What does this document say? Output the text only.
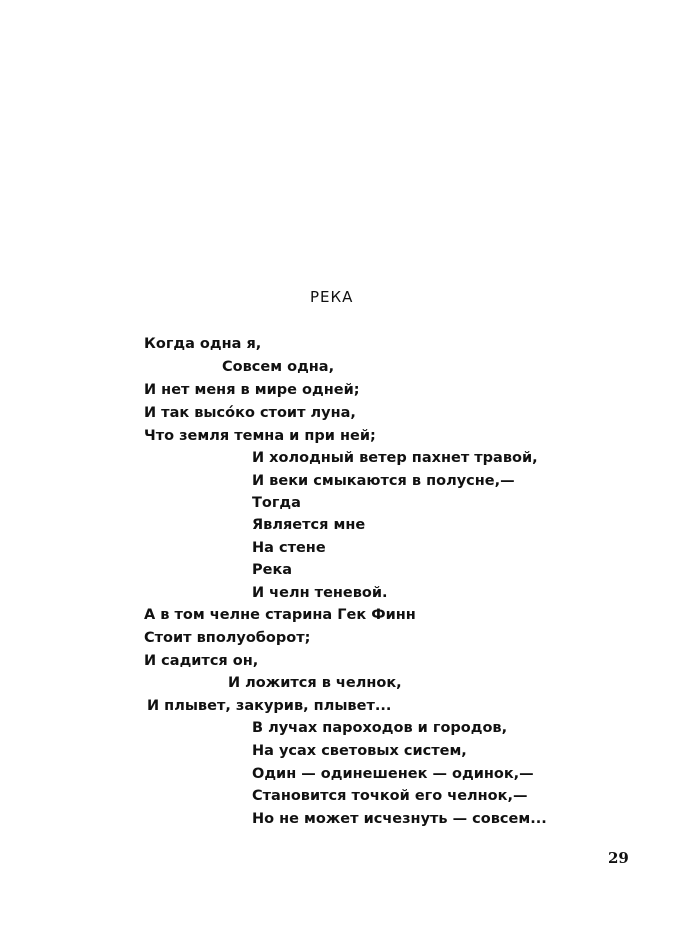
РЕКА
Когда одна я,
Совсем одна,
И нет меня в мире одней;
И так высóко стоит луна,
Что земля темна и при ней;
И холодный ветер пахнет травой,
И веки смыкаются в полусне,—
Тогда
Является мне
На стене
Река
И челн теневой.
А в том челне старина Гек Финн
Стоит вполуоборот;
И садится он,
И ложится в челнок,
И плывет, закурив, плывет...
В лучах пароходов и городов,
На усах световых систем,
Один — одинешенек — одинок,—
Становится точкой его челнок,—
Но не может исчезнуть — совсем...
29
